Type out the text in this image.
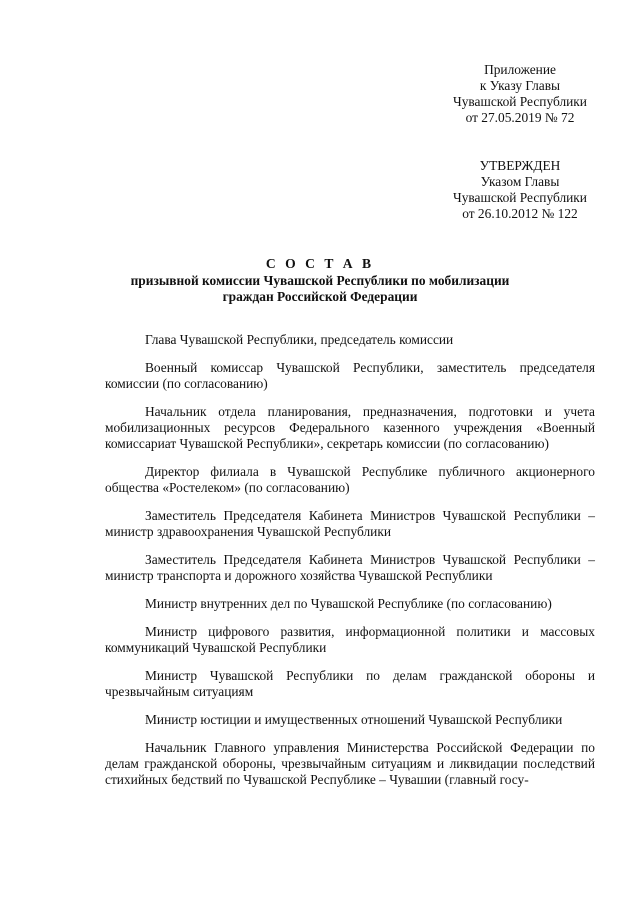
Приложение
к Указу Главы
Чувашской Республики
от 27.05.2019 № 72
УТВЕРЖДЕН
Указом Главы
Чувашской Республики
от 26.10.2012 № 122
С О С Т А В
призывной комиссии Чувашской Республики по мобилизации
граждан Российской Федерации

Глава Чувашской Республики, председатель комиссии

Военный комиссар Чувашской Республики, заместитель председателя комиссии (по согласованию)

Начальник отдела планирования, предназначения, подготовки и учета мобилизационных ресурсов Федерального казенного учреждения «Военный комиссариат Чувашской Республики», секретарь комиссии (по согласованию)

Директор филиала в Чувашской Республике публичного акционерного общества «Ростелеком» (по согласованию)

Заместитель Председателя Кабинета Министров Чувашской Республики – министр здравоохранения Чувашской Республики

Заместитель Председателя Кабинета Министров Чувашской Республики – министр транспорта и дорожного хозяйства Чувашской Республики

Министр внутренних дел по Чувашской Республике (по согласованию)

Министр цифрового развития, информационной политики и массовых коммуникаций Чувашской Республики

Министр Чувашской Республики по делам гражданской обороны и чрезвычайным ситуациям

Министр юстиции и имущественных отношений Чувашской Республики

Начальник Главного управления Министерства Российской Федерации по делам гражданской обороны, чрезвычайным ситуациям и ликвидации последствий стихийных бедствий по Чувашской Республике – Чувашии (главный госу-
